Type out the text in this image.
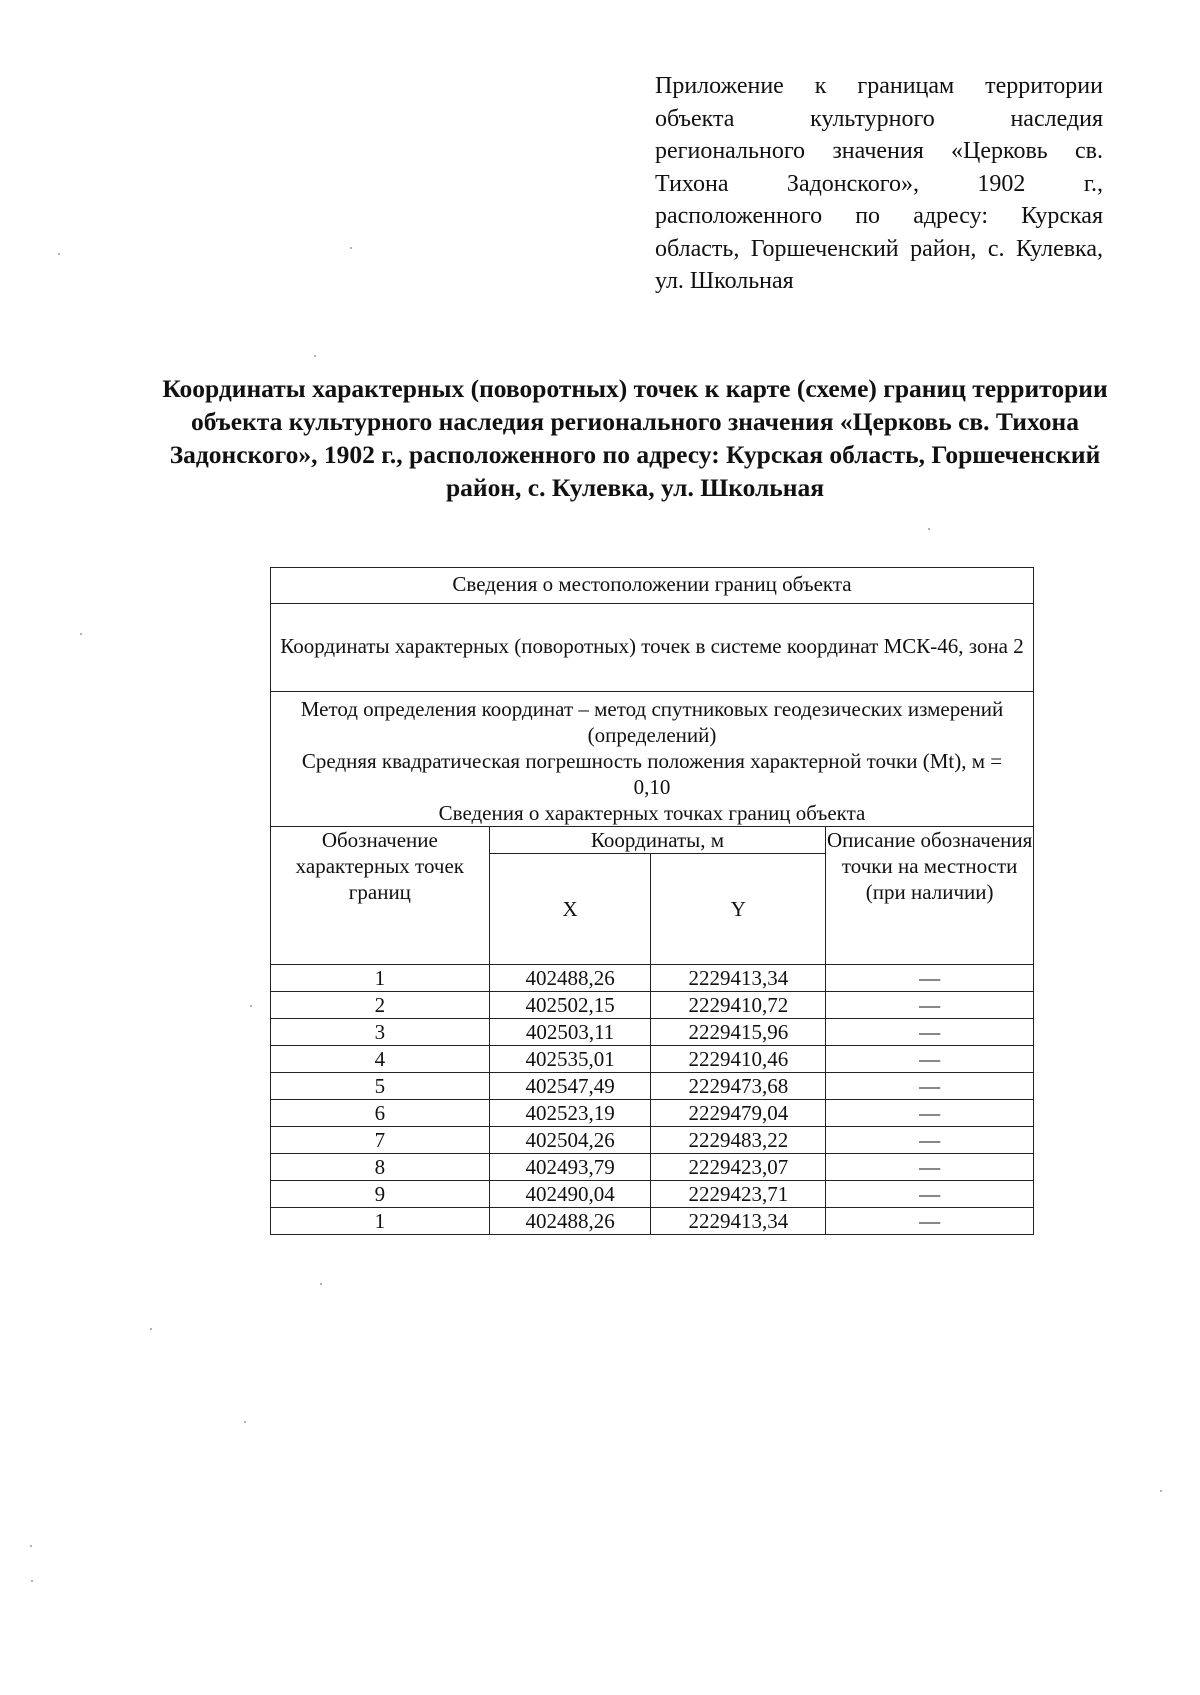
Приложение к границам территории объекта культурного наследия регионального значения «Церковь св. Тихона Задонского», 1902 г., расположенного по адресу: Курская область, Горшеченский район, с. Кулевка, ул. Школьная
Координаты характерных (поворотных) точек к карте (схеме) границ территории объекта культурного наследия регионального значения «Церковь св. Тихона Задонского», 1902 г., расположенного по адресу: Курская область, Горшеченский район, с. Кулевка, ул. Школьная
Сведения о местоположении границ объекта			
Координаты характерных (поворотных) точек в системе координат МСК-46, зона 2			

Метод определения координат – метод спутниковых геодезических измерений (определений)
Средняя квадратическая погрешность положения характерной точки (Mt), м = 0,10
Сведения о характерных точках границ объекта			

Обозначение характерных точек границ	Координаты, м		Описание обозначения точки на местности (при наличии)
	X	Y	
1	402488,26	2229413,34	—
2	402502,15	2229410,72	—
3	402503,11	2229415,96	—
4	402535,01	2229410,46	—
5	402547,49	2229473,68	—
6	402523,19	2229479,04	—
7	402504,26	2229483,22	—
8	402493,79	2229423,07	—
9	402490,04	2229423,71	—
1	402488,26	2229413,34	—
